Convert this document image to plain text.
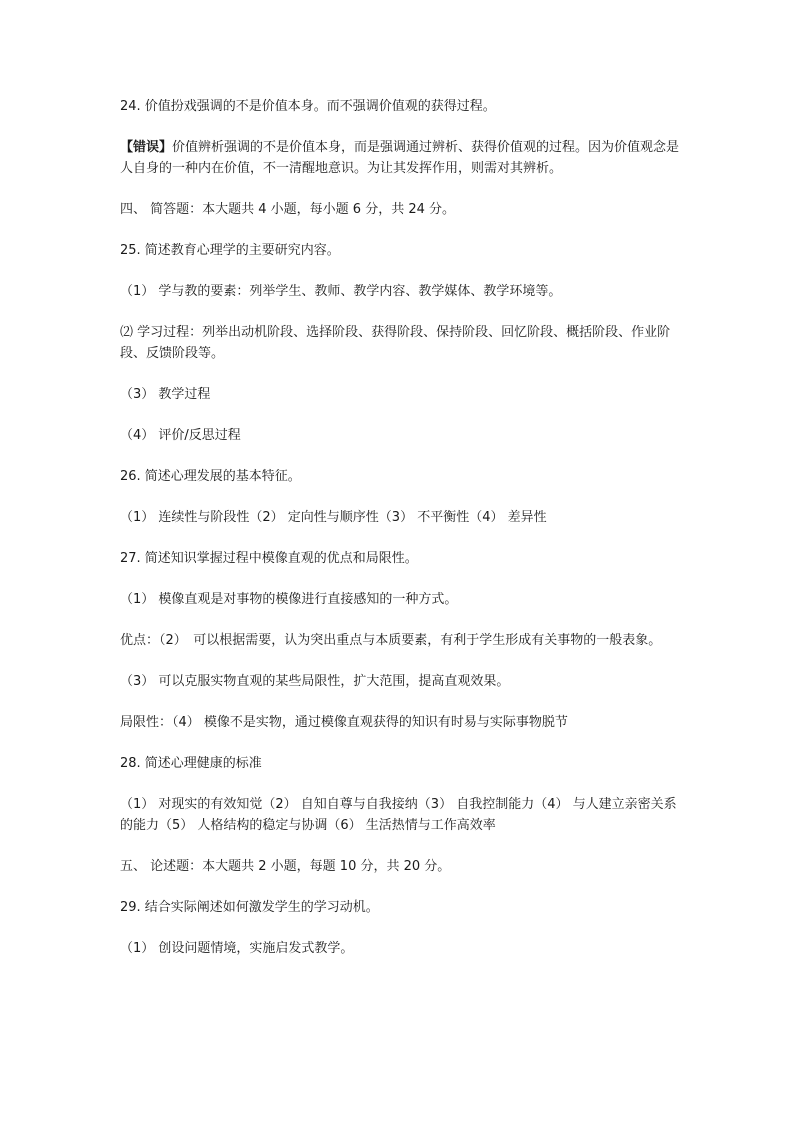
24. 价值扮戏强调的不是价值本身。而不强调价值观的获得过程。

【错误】价值辨析强调的不是价值本身，而是强调通过辨析、获得价值观的过程。因为价值观念是人自身的一种内在价值，不一清醒地意识。为让其发挥作用，则需对其辨析。

四、 简答题：本大题共 4 小题，每小题 6 分，共 24 分。

25. 简述教育心理学的主要研究内容。

（1） 学与教的要素：列举学生、教师、教学内容、教学媒体、教学环境等。

⑵ 学习过程：列举出动机阶段、选择阶段、获得阶段、保持阶段、回忆阶段、概括阶段、作业阶段、反馈阶段等。

（3） 教学过程

（4） 评价/反思过程

26. 简述心理发展的基本特征。

（1） 连续性与阶段性（2） 定向性与顺序性（3） 不平衡性（4） 差异性

27. 简述知识掌握过程中模像直观的优点和局限性。

（1） 模像直观是对事物的模像进行直接感知的一种方式。

优点：（2）　可以根据需要，认为突出重点与本质要素，有利于学生形成有关事物的一般表象。

（3） 可以克服实物直观的某些局限性，扩大范围，提高直观效果。

局限性：（4） 模像不是实物，通过模像直观获得的知识有时易与实际事物脱节

28. 简述心理健康的标准

（1） 对现实的有效知觉（2） 自知自尊与自我接纳（3） 自我控制能力（4） 与人建立亲密关系的能力（5） 人格结构的稳定与协调（6） 生活热情与工作高效率

五、 论述题：本大题共 2 小题，每题 10 分，共 20 分。

29. 结合实际阐述如何激发学生的学习动机。

（1） 创设问题情境，实施启发式教学。
